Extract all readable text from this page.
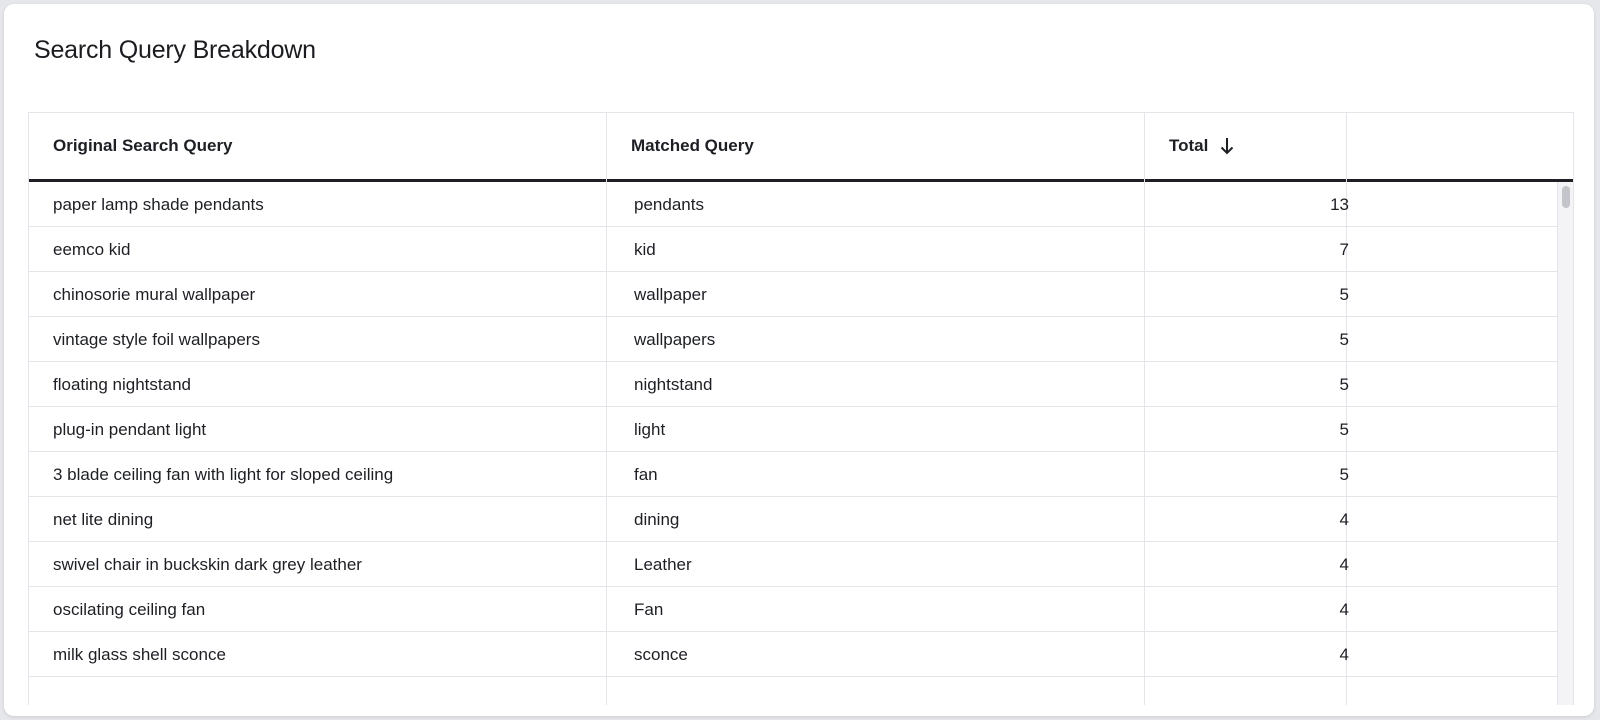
Search Query Breakdown
Original Search Query	Matched Query	Total
paper lamp shade pendants	pendants	13
eemco kid	kid	7
chinosorie mural wallpaper	wallpaper	5
vintage style foil wallpapers	wallpapers	5
floating nightstand	nightstand	5
plug-in pendant light	light	5
3 blade ceiling fan with light for sloped ceiling	fan	5
net lite dining	dining	4
swivel chair in buckskin dark grey leather	Leather	4
oscilating ceiling fan	Fan	4
milk glass shell sconce	sconce	4
